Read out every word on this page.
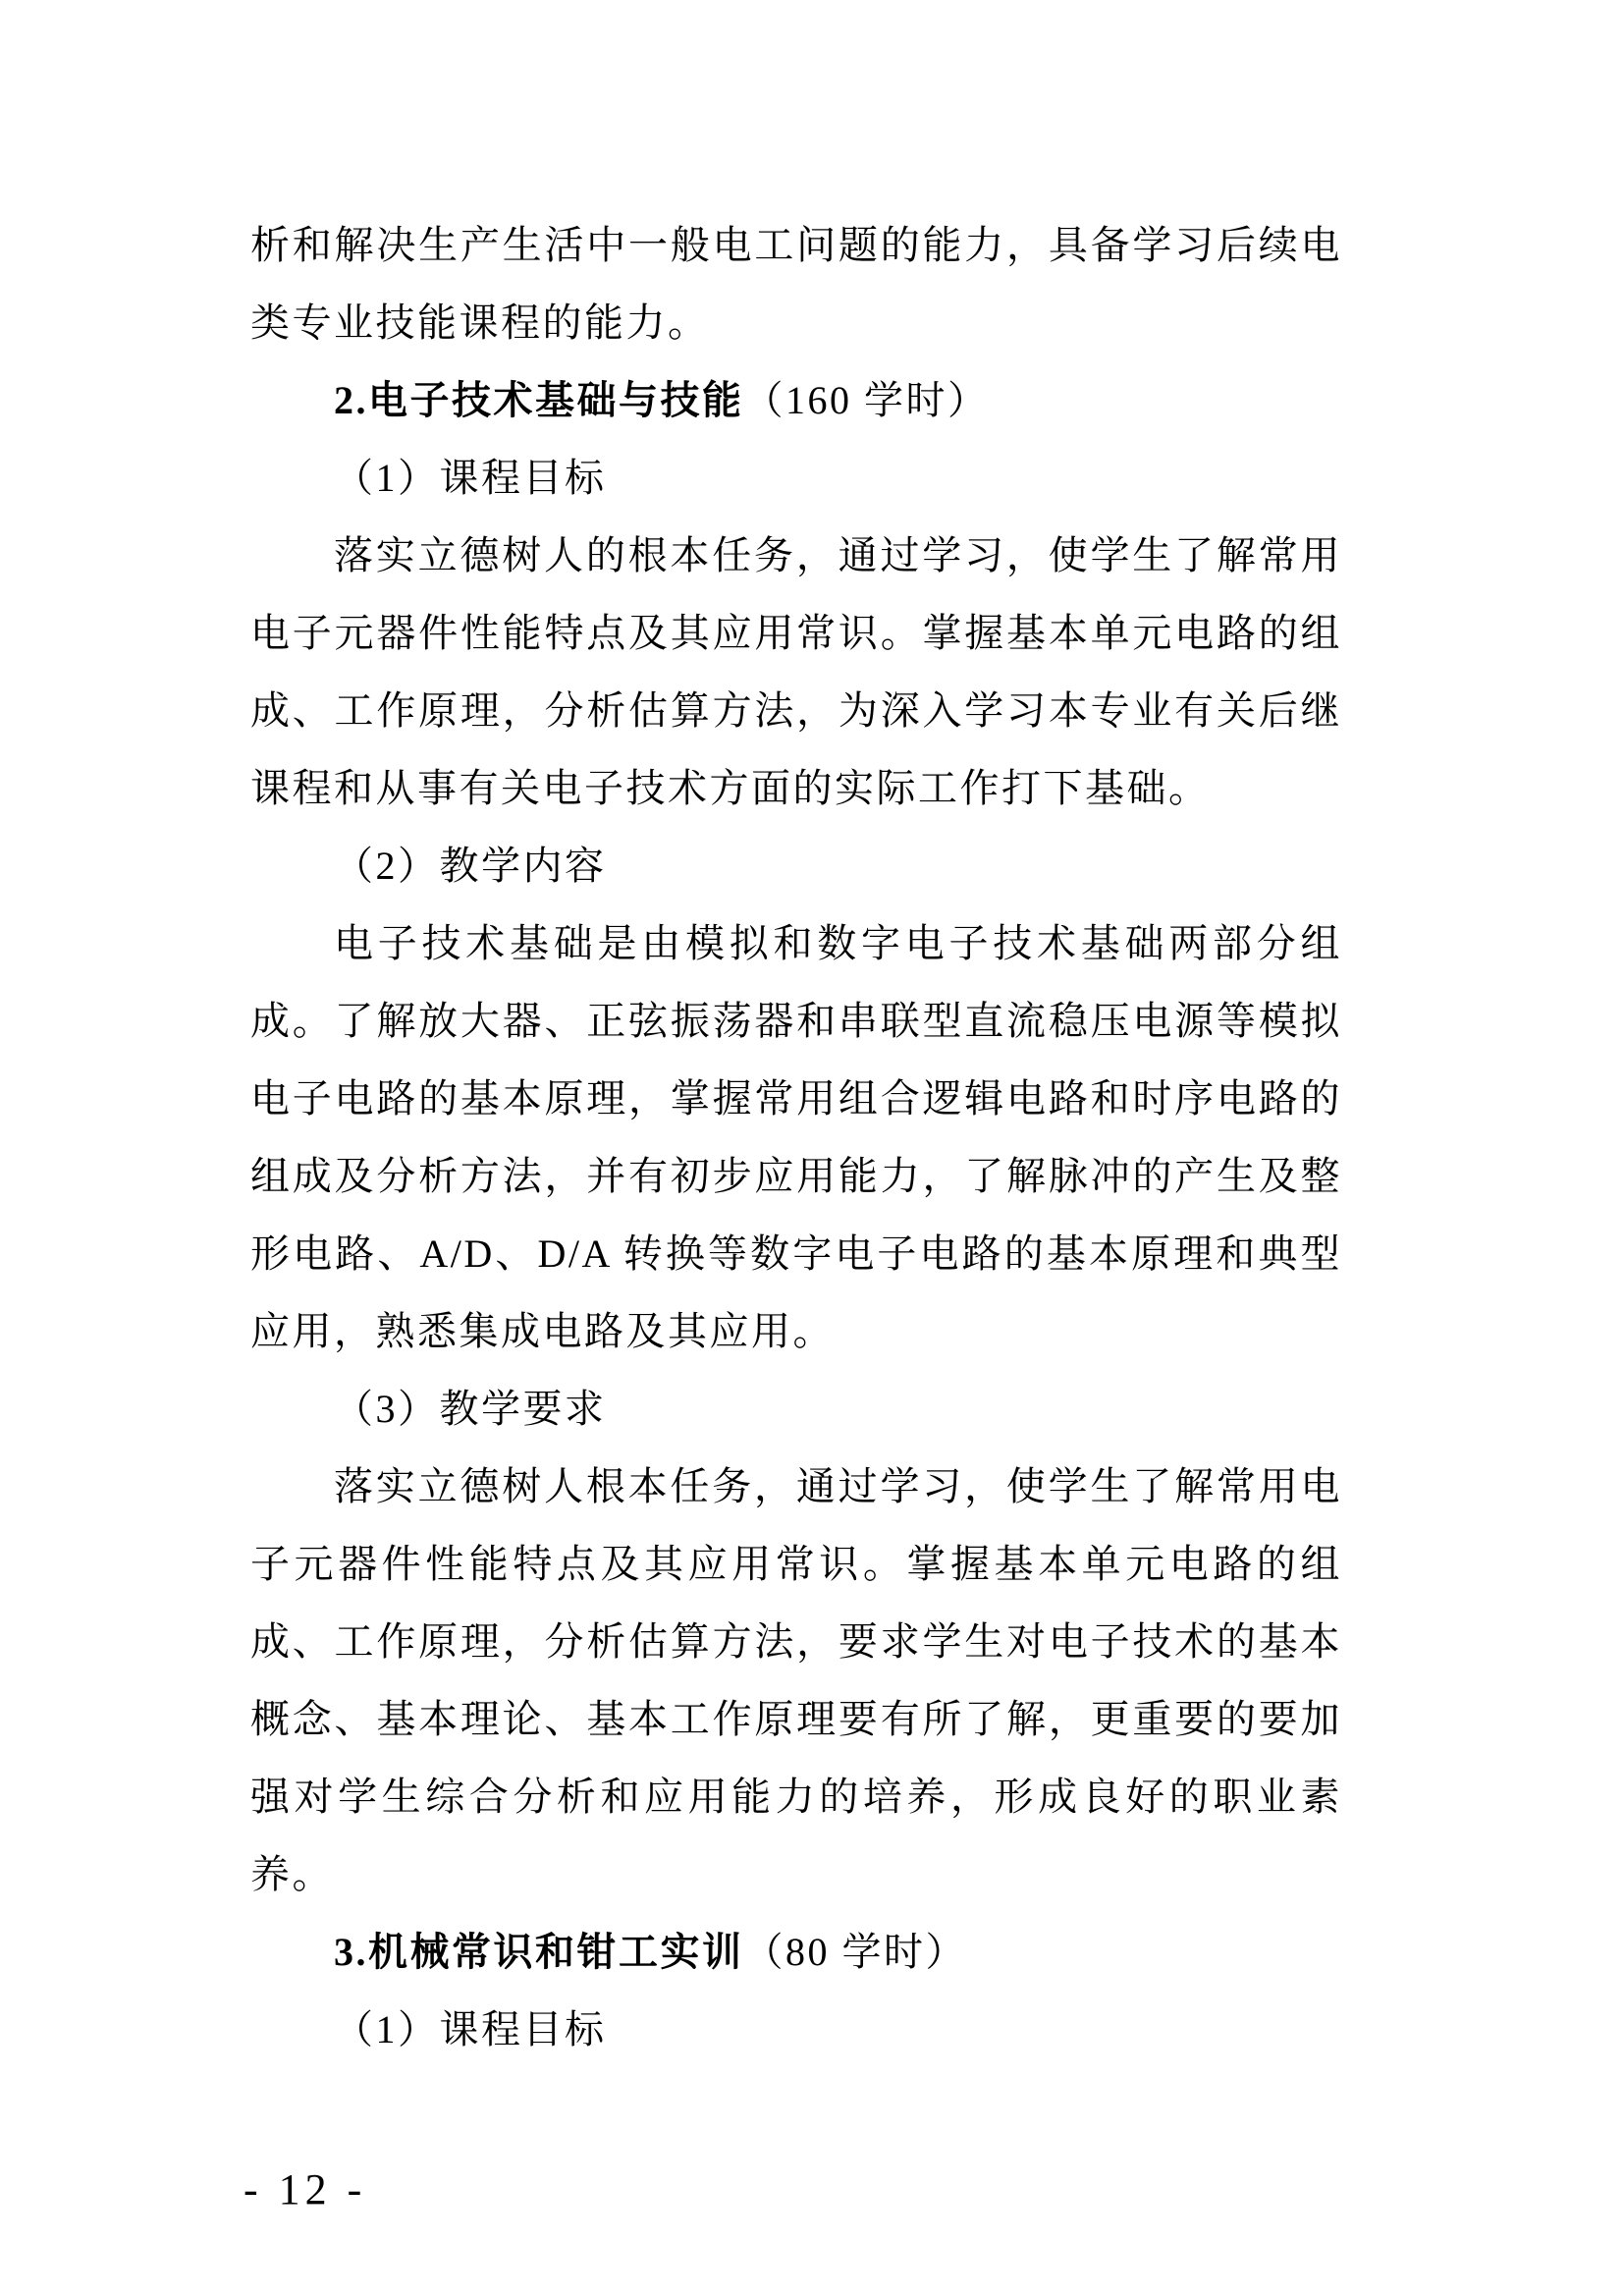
析和解决生产生活中一般电工问题的能力，具备学习后续电类专业技能课程的能力。

2.电子技术基础与技能（160 学时）

（1）课程目标

落实立德树人的根本任务，通过学习，使学生了解常用电子元器件性能特点及其应用常识。掌握基本单元电路的组成、工作原理，分析估算方法，为深入学习本专业有关后继课程和从事有关电子技术方面的实际工作打下基础。

（2）教学内容

电子技术基础是由模拟和数字电子技术基础两部分组成。了解放大器、正弦振荡器和串联型直流稳压电源等模拟电子电路的基本原理，掌握常用组合逻辑电路和时序电路的组成及分析方法，并有初步应用能力，了解脉冲的产生及整形电路、A/D、D/A 转换等数字电子电路的基本原理和典型应用，熟悉集成电路及其应用。

（3）教学要求

落实立德树人根本任务，通过学习，使学生了解常用电子元器件性能特点及其应用常识。掌握基本单元电路的组成、工作原理，分析估算方法，要求学生对电子技术的基本概念、基本理论、基本工作原理要有所了解，更重要的要加强对学生综合分析和应用能力的培养，形成良好的职业素养。

3.机械常识和钳工实训（80 学时）

（1）课程目标

- 12 -
